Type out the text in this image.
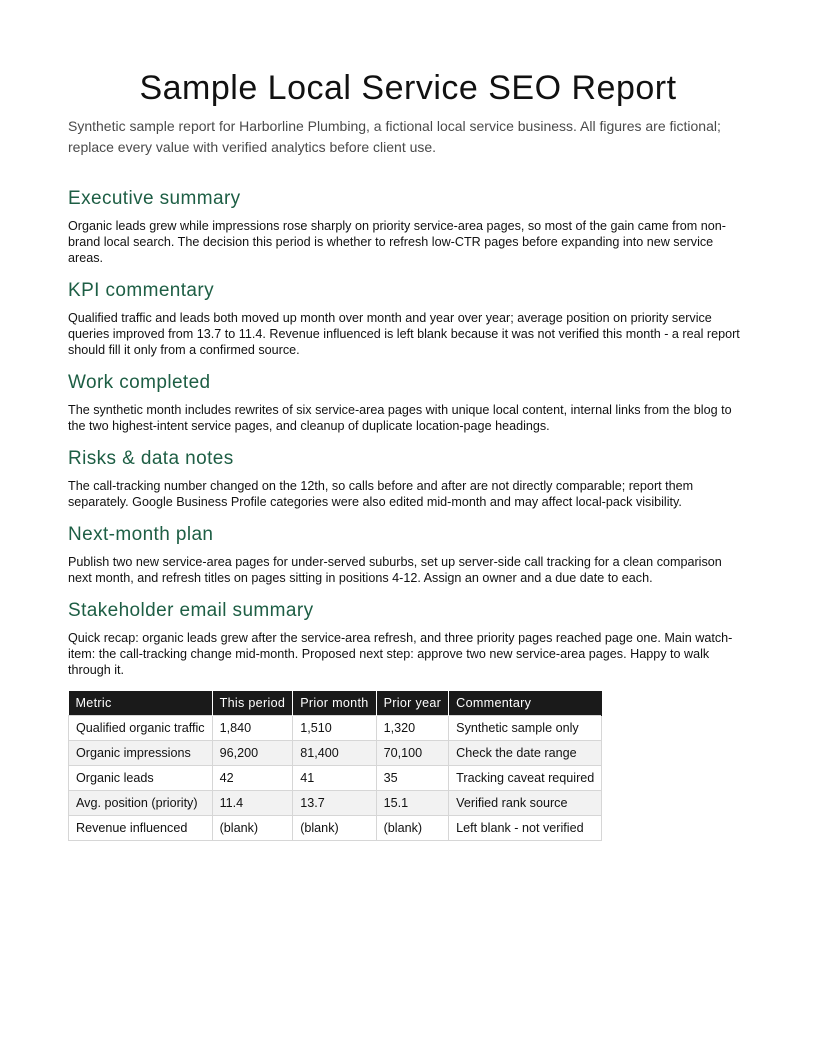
Sample Local Service SEO Report

Synthetic sample report for Harborline Plumbing, a fictional local service business. All figures are fictional; replace every value with verified analytics before client use.

Executive summary

Organic leads grew while impressions rose sharply on priority service-area pages, so most of the gain came from non-brand local search. The decision this period is whether to refresh low-CTR pages before expanding into new service areas.

KPI commentary

Qualified traffic and leads both moved up month over month and year over year; average position on priority service queries improved from 13.7 to 11.4. Revenue influenced is left blank because it was not verified this month - a real report should fill it only from a confirmed source.

Work completed

The synthetic month includes rewrites of six service-area pages with unique local content, internal links from the blog to the two highest-intent service pages, and cleanup of duplicate location-page headings.

Risks & data notes

The call-tracking number changed on the 12th, so calls before and after are not directly comparable; report them separately. Google Business Profile categories were also edited mid-month and may affect local-pack visibility.

Next-month plan

Publish two new service-area pages for under-served suburbs, set up server-side call tracking for a clean comparison next month, and refresh titles on pages sitting in positions 4-12. Assign an owner and a due date to each.

Stakeholder email summary

Quick recap: organic leads grew after the service-area refresh, and three priority pages reached page one. Main watch-item: the call-tracking change mid-month. Proposed next step: approve two new service-area pages. Happy to walk through it.

Metric	This period	Prior month	Prior year	Commentary
Qualified organic traffic	1,840	1,510	1,320	Synthetic sample only
Organic impressions	96,200	81,400	70,100	Check the date range
Organic leads	42	41	35	Tracking caveat required
Avg. position (priority)	11.4	13.7	15.1	Verified rank source
Revenue influenced	(blank)	(blank)	(blank)	Left blank - not verified
